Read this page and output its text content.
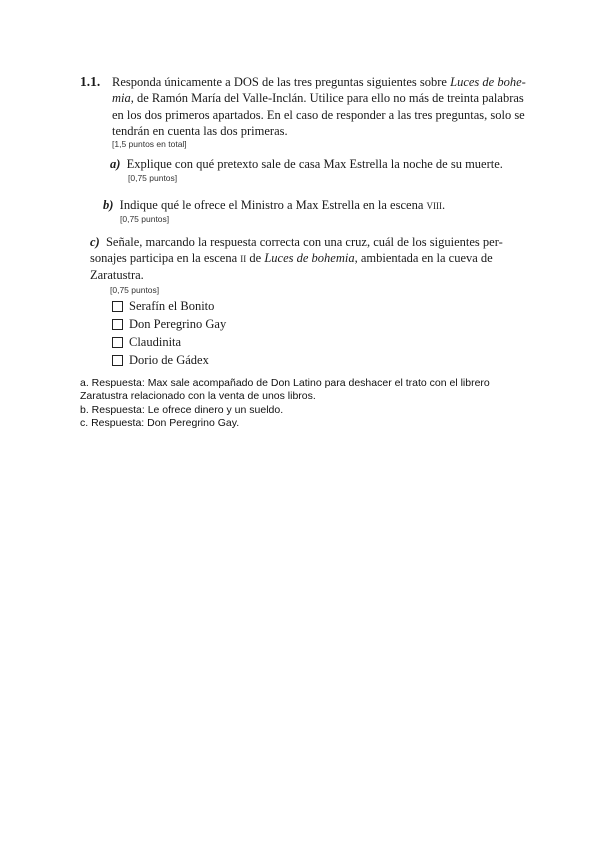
1.1. Responda únicamente a DOS de las tres preguntas siguientes sobre Luces de bohe-mia, de Ramón María del Valle-Inclán. Utilice para ello no más de treinta palabras en los dos primeros apartados. En el caso de responder a las tres preguntas, solo se tendrán en cuenta las dos primeras.
[1,5 puntos en total]
a) Explique con qué pretexto sale de casa Max Estrella la noche de su muerte.
[0,75 puntos]
b) Indique qué le ofrece el Ministro a Max Estrella en la escena viii.
[0,75 puntos]
c) Señale, marcando la respuesta correcta con una cruz, cuál de los siguientes per-sonajes participa en la escena ii de Luces de bohemia, ambientada en la cueva de Zaratustra.
[0,75 puntos]
Serafín el Bonito
Don Peregrino Gay
Claudinita
Dorio de Gádex
a. Respuesta: Max sale acompañado de Don Latino para deshacer el trato con el librero
Zaratustra relacionado con la venta de unos libros.
b. Respuesta: Le ofrece dinero y un sueldo.
c. Respuesta: Don Peregrino Gay.
